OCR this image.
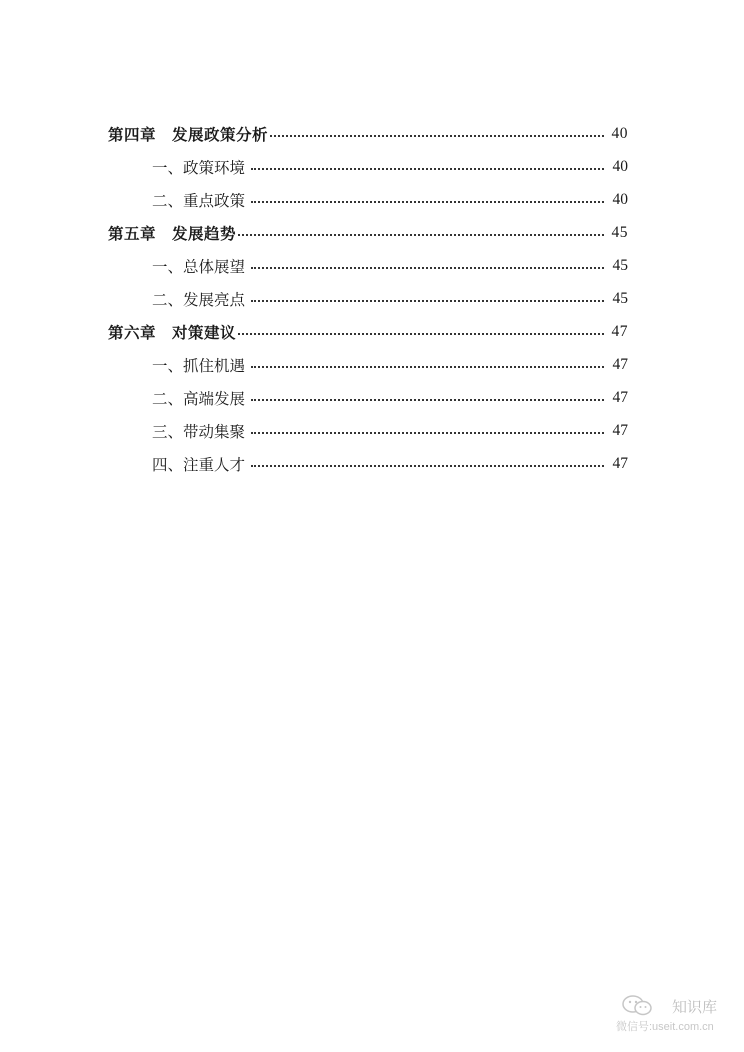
第四章　发展政策分析	40
一、政策环境	40
二、重点政策	40
第五章　发展趋势	45
一、总体展望	45
二、发展亮点	45
第六章　对策建议	47
一、抓住机遇	47
二、高端发展	47
三、带动集聚	47
四、注重人才	47
知识库
微信号:useit.com.cn
